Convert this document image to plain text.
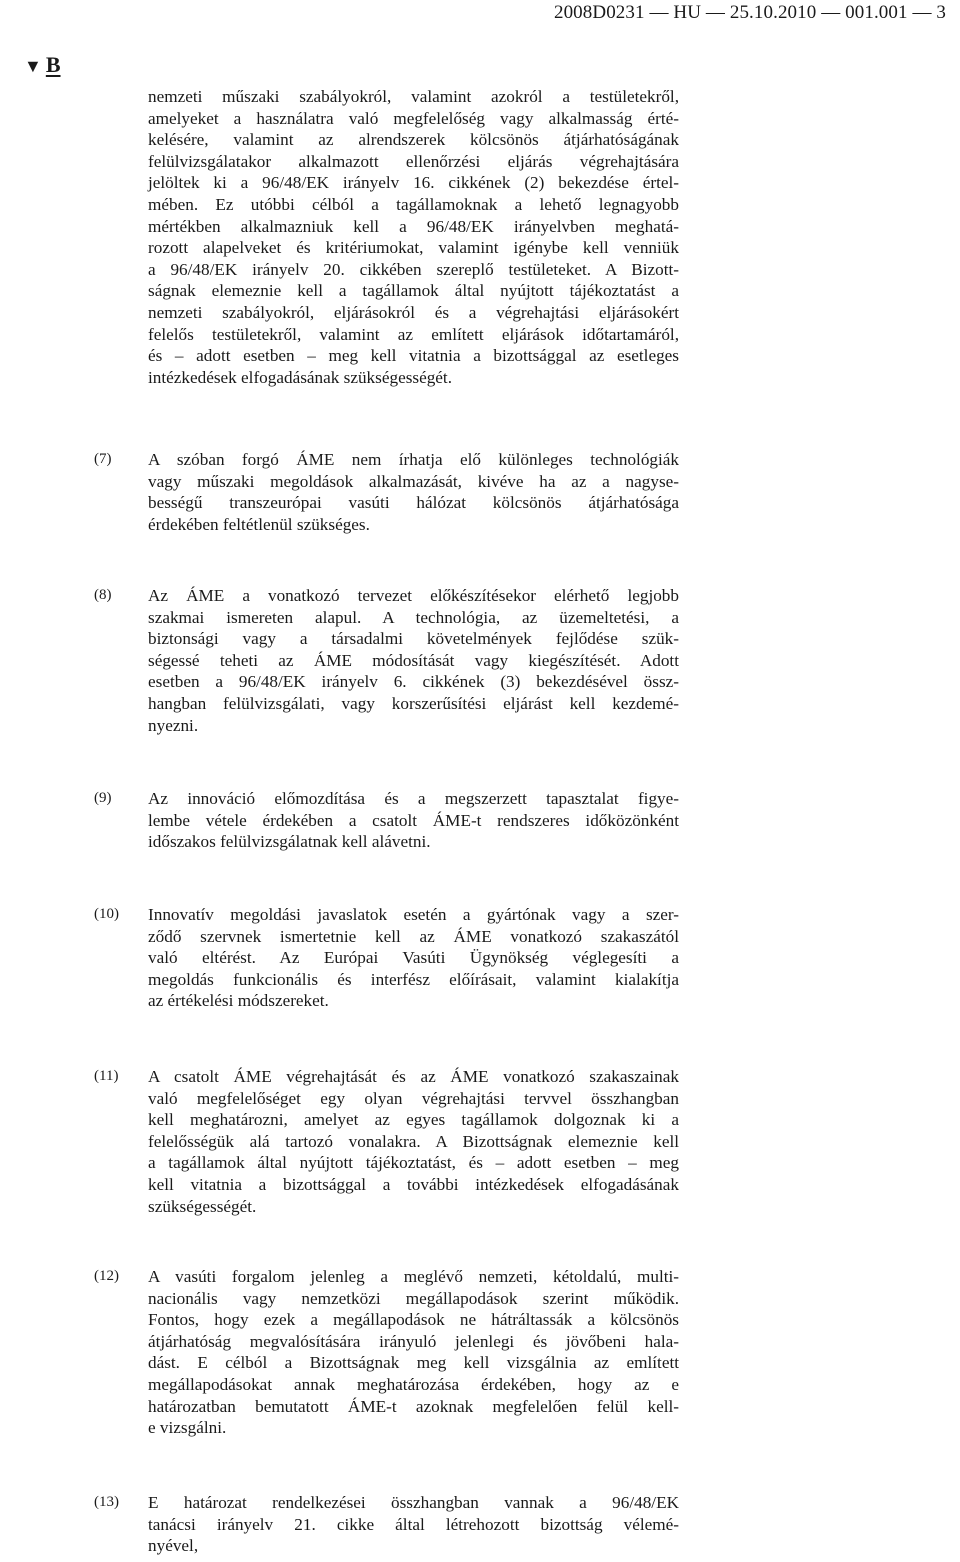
2008D0231 — HU — 25.10.2010 — 001.001 — 3
▼ B
nemzeti műszaki szabályokról, valamint azokról a testületekről,
amelyeket a használatra való megfelelőség vagy alkalmasság érté-
kelésére, valamint az alrendszerek kölcsönös átjárhatóságának
felülvizsgálatakor alkalmazott ellenőrzési eljárás végrehajtására
jelöltek ki a 96/48/EK irányelv 16. cikkének (2) bekezdése értel-
mében. Ez utóbbi célból a tagállamoknak a lehető legnagyobb
mértékben alkalmazniuk kell a 96/48/EK irányelvben meghatá-
rozott alapelveket és kritériumokat, valamint igénybe kell venniük
a 96/48/EK irányelv 20. cikkében szereplő testületeket. A Bizott-
ságnak elemeznie kell a tagállamok által nyújtott tájékoztatást a
nemzeti szabályokról, eljárásokról és a végrehajtási eljárásokért
felelős testületekről, valamint az említett eljárások időtartamáról,
és – adott esetben – meg kell vitatnia a bizottsággal az esetleges
intézkedések elfogadásának szükségességét.
(7) A szóban forgó ÁME nem írhatja elő különleges technológiák
vagy műszaki megoldások alkalmazását, kivéve ha az a nagyse-
bességű transzeurópai vasúti hálózat kölcsönös átjárhatósága
érdekében feltétlenül szükséges.
(8) Az ÁME a vonatkozó tervezet előkészítésekor elérhető legjobb
szakmai ismereten alapul. A technológia, az üzemeltetési, a
biztonsági vagy a társadalmi követelmények fejlődése szük-
ségessé teheti az ÁME módosítását vagy kiegészítését. Adott
esetben a 96/48/EK irányelv 6. cikkének (3) bekezdésével össz-
hangban felülvizsgálati, vagy korszerűsítési eljárást kell kezdemé-
nyezni.
(9) Az innováció előmozdítása és a megszerzett tapasztalat figye-
lembe vétele érdekében a csatolt ÁME-t rendszeres időközönként
időszakos felülvizsgálatnak kell alávetni.
(10) Innovatív megoldási javaslatok esetén a gyártónak vagy a szer-
ződő szervnek ismertetnie kell az ÁME vonatkozó szakaszától
való eltérést. Az Európai Vasúti Ügynökség véglegesíti a
megoldás funkcionális és interfész előírásait, valamint kialakítja
az értékelési módszereket.
(11) A csatolt ÁME végrehajtását és az ÁME vonatkozó szakaszainak
való megfelelőséget egy olyan végrehajtási tervvel összhangban
kell meghatározni, amelyet az egyes tagállamok dolgoznak ki a
felelősségük alá tartozó vonalakra. A Bizottságnak elemeznie kell
a tagállamok által nyújtott tájékoztatást, és – adott esetben – meg
kell vitatnia a bizottsággal a további intézkedések elfogadásának
szükségességét.
(12) A vasúti forgalom jelenleg a meglévő nemzeti, kétoldalú, multi-
nacionális vagy nemzetközi megállapodások szerint működik.
Fontos, hogy ezek a megállapodások ne hátráltassák a kölcsönös
átjárhatóság megvalósítására irányuló jelenlegi és jövőbeni hala-
dást. E célból a Bizottságnak meg kell vizsgálnia az említett
megállapodásokat annak meghatározása érdekében, hogy az e
határozatban bemutatott ÁME-t azoknak megfelelően felül kell-
e vizsgálni.
(13) E határozat rendelkezései összhangban vannak a 96/48/EK
tanácsi irányelv 21. cikke által létrehozott bizottság vélemé-
nyével,
